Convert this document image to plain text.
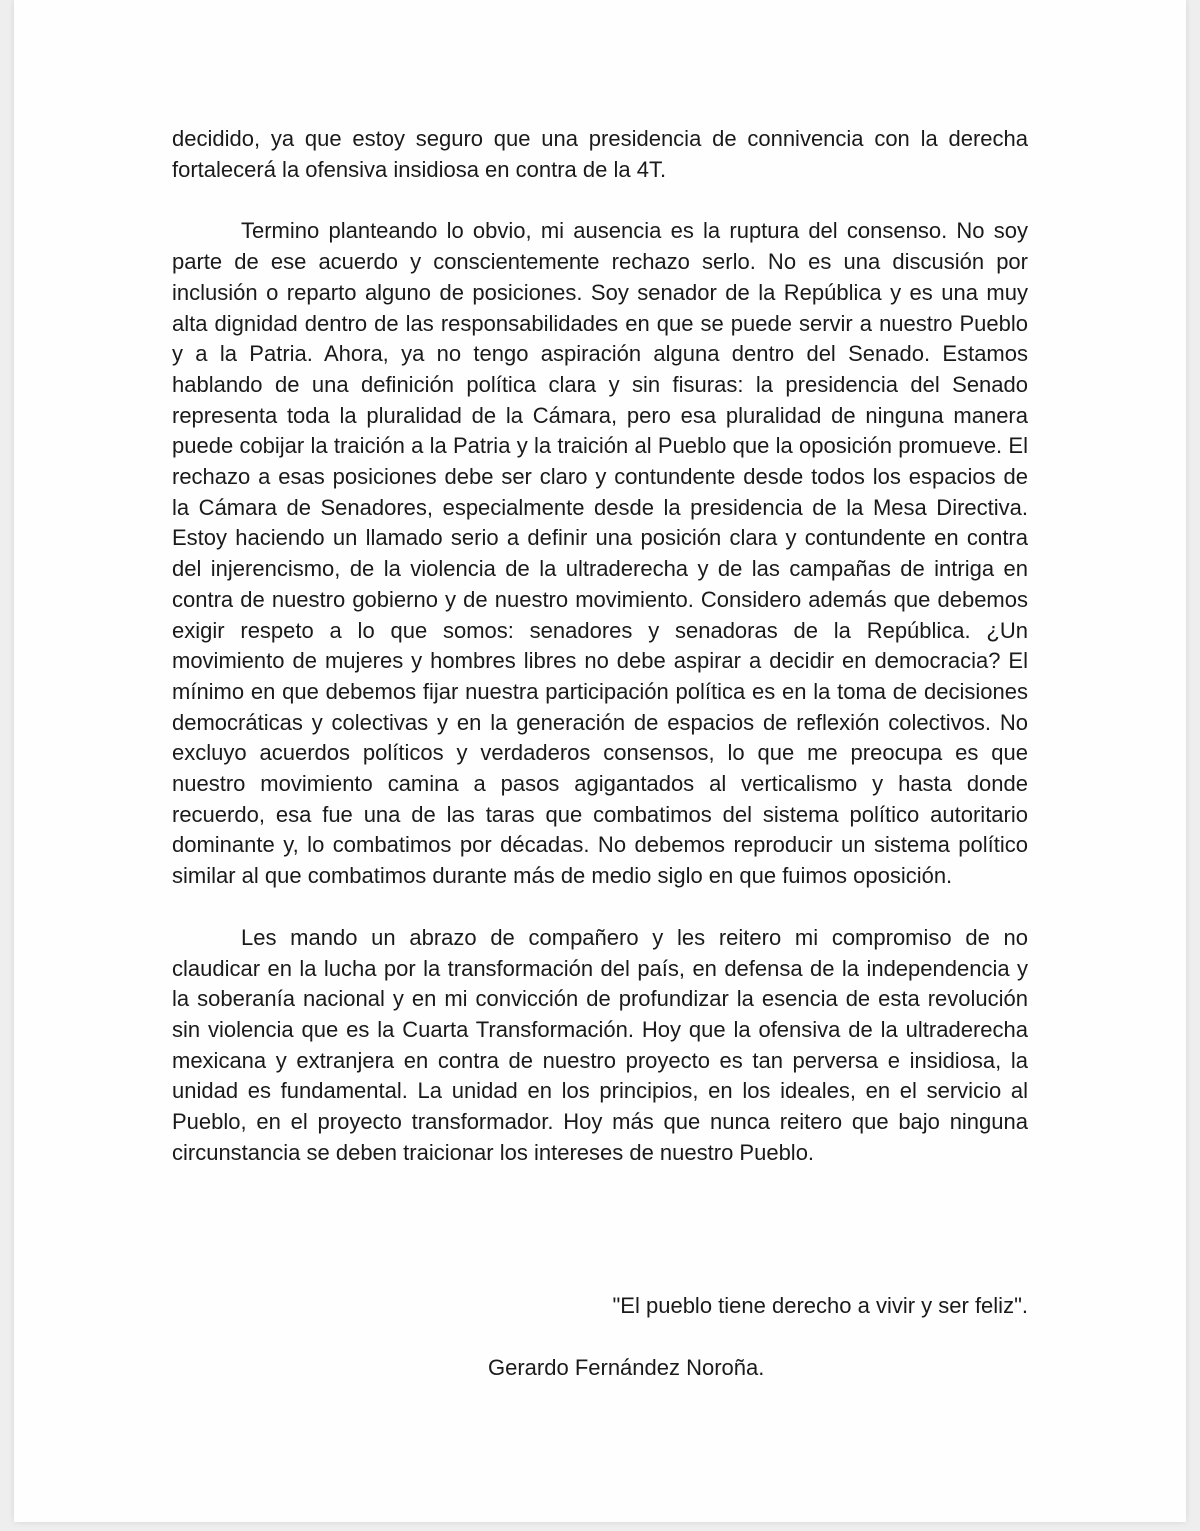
decidido, ya que estoy seguro que una presidencia de connivencia con la derecha fortalecerá la ofensiva insidiosa en contra de la 4T.

Termino planteando lo obvio, mi ausencia es la ruptura del consenso. No soy parte de ese acuerdo y conscientemente rechazo serlo. No es una discusión por inclusión o reparto alguno de posiciones. Soy senador de la República y es una muy alta dignidad dentro de las responsabilidades en que se puede servir a nuestro Pueblo y a la Patria. Ahora, ya no tengo aspiración alguna dentro del Senado. Estamos hablando de una definición política clara y sin fisuras: la presidencia del Senado representa toda la pluralidad de la Cámara, pero esa pluralidad de ninguna manera puede cobijar la traición a la Patria y la traición al Pueblo que la oposición promueve. El rechazo a esas posiciones debe ser claro y contundente desde todos los espacios de la Cámara de Senadores, especialmente desde la presidencia de la Mesa Directiva. Estoy haciendo un llamado serio a definir una posición clara y contundente en contra del injerencismo, de la violencia de la ultraderecha y de las campañas de intriga en contra de nuestro gobierno y de nuestro movimiento. Considero además que debemos exigir respeto a lo que somos: senadores y senadoras de la República. ¿Un movimiento de mujeres y hombres libres no debe aspirar a decidir en democracia? El mínimo en que debemos fijar nuestra participación política es en la toma de decisiones democráticas y colectivas y en la generación de espacios de reflexión colectivos. No excluyo acuerdos políticos y verdaderos consensos, lo que me preocupa es que nuestro movimiento camina a pasos agigantados al verticalismo y hasta donde recuerdo, esa fue una de las taras que combatimos del sistema político autoritario dominante y, lo combatimos por décadas. No debemos reproducir un sistema político similar al que combatimos durante más de medio siglo en que fuimos oposición.

Les mando un abrazo de compañero y les reitero mi compromiso de no claudicar en la lucha por la transformación del país, en defensa de la independencia y la soberanía nacional y en mi convicción de profundizar la esencia de esta revolución sin violencia que es la Cuarta Transformación. Hoy que la ofensiva de la ultraderecha mexicana y extranjera en contra de nuestro proyecto es tan perversa e insidiosa, la unidad es fundamental. La unidad en los principios, en los ideales, en el servicio al Pueblo, en el proyecto transformador. Hoy más que nunca reitero que bajo ninguna circunstancia se deben traicionar los intereses de nuestro Pueblo.

"El pueblo tiene derecho a vivir y ser feliz".

Gerardo Fernández Noroña.
